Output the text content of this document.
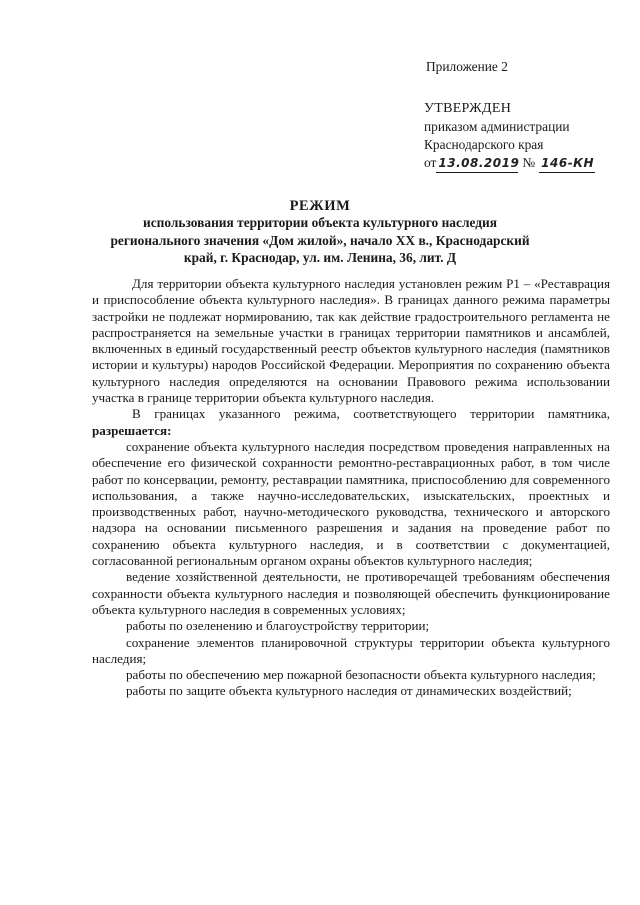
Приложение 2

УТВЕРЖДЕН

приказом администрации

Краснодарского края

от 13.08.2019 № 146-КН

РЕЖИМ
использования территории объекта культурного наследия регионального значения «Дом жилой», начало XX в., Краснодарский край, г. Краснодар, ул. им. Ленина, 36, лит. Д

Для территории объекта культурного наследия установлен режим Р1 – «Реставрация и приспособление объекта культурного наследия». В границах данного режима параметры застройки не подлежат нормированию, так как действие градостроительного регламента не распространяется на земельные участки в границах территории памятников и ансамблей, включенных в единый государственный реестр объектов культурного наследия (памятников истории и культуры) народов Российской Федерации. Мероприятия по сохранению объекта культурного наследия определяются на основании Правового режима использовании участка в границе территории объекта культурного наследия.

В границах указанного режима, соответствующего территории памятника, разрешается:

сохранение объекта культурного наследия посредством проведения направленных на обеспечение его физической сохранности ремонтно-реставрационных работ, в том числе работ по консервации, ремонту, реставрации памятника, приспособлению для современного использования, а также научно-исследовательских, изыскательских, проектных и производственных работ, научно-методического руководства, технического и авторского надзора на основании письменного разрешения и задания на проведение работ по сохранению объекта культурного наследия, и в соответствии с документацией, согласованной региональным органом охраны объектов культурного наследия;

ведение хозяйственной деятельности, не противоречащей требованиям обеспечения сохранности объекта культурного наследия и позволяющей обеспечить функционирование объекта культурного наследия в современных условиях;

работы по озеленению и благоустройству территории;

сохранение элементов планировочной структуры территории объекта культурного наследия;

работы по обеспечению мер пожарной безопасности объекта культурного наследия;

работы по защите объекта культурного наследия от динамических воздействий;
